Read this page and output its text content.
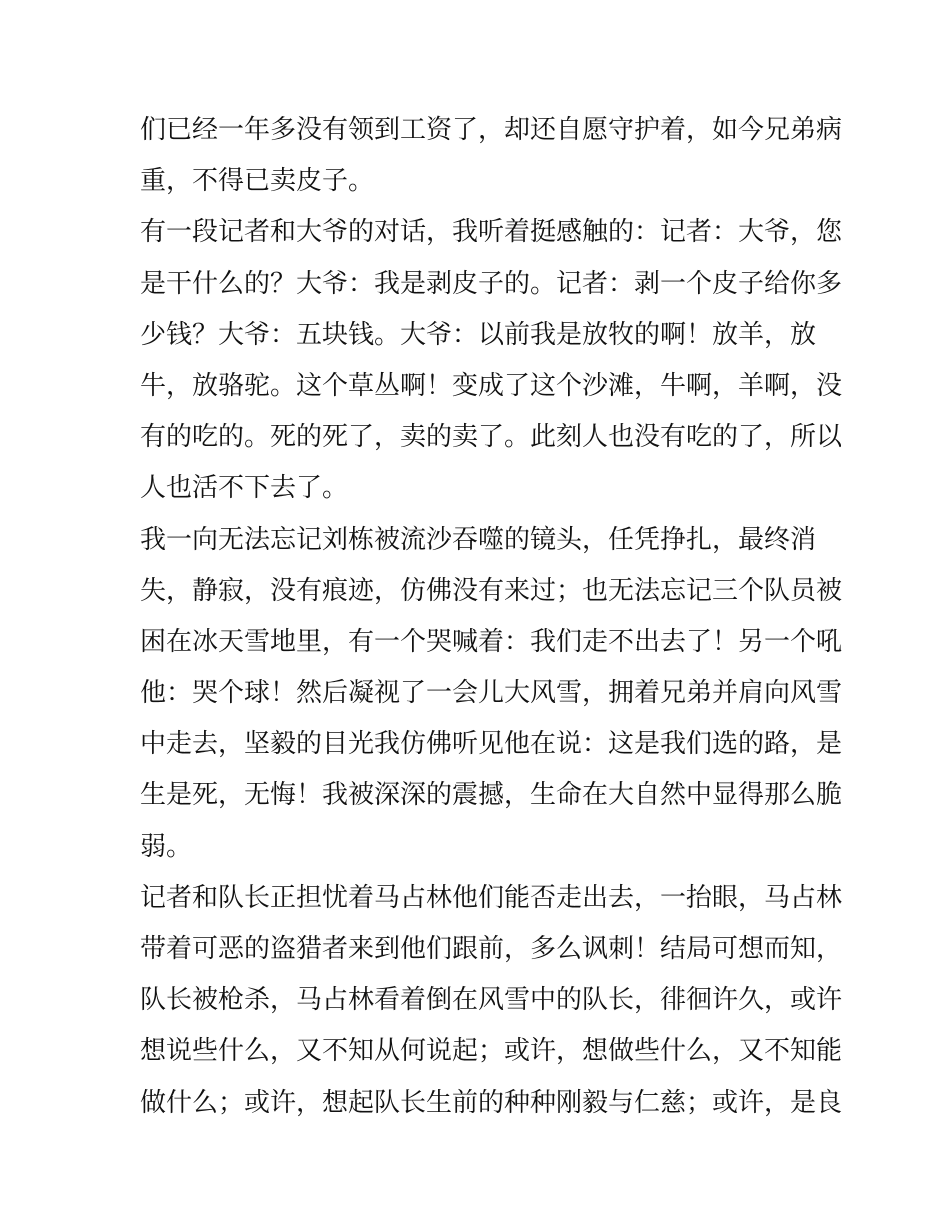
们已经一年多没有领到工资了，却还自愿守护着，如今兄弟病
重，不得已卖皮子。
有一段记者和大爷的对话，我听着挺感触的：记者：大爷，您
是干什么的？大爷：我是剥皮子的。记者：剥一个皮子给你多
少钱？大爷：五块钱。大爷：以前我是放牧的啊！放羊，放
牛，放骆驼。这个草丛啊！变成了这个沙滩，牛啊，羊啊，没
有的吃的。死的死了，卖的卖了。此刻人也没有吃的了，所以
人也活不下去了。
我一向无法忘记刘栋被流沙吞噬的镜头，任凭挣扎，最终消
失，静寂，没有痕迹，仿佛没有来过；也无法忘记三个队员被
困在冰天雪地里，有一个哭喊着：我们走不出去了！另一个吼
他：哭个球！然后凝视了一会儿大风雪，拥着兄弟并肩向风雪
中走去，坚毅的目光我仿佛听见他在说：这是我们选的路，是
生是死，无悔！我被深深的震撼，生命在大自然中显得那么脆
弱。
记者和队长正担忧着马占林他们能否走出去，一抬眼，马占林
带着可恶的盗猎者来到他们跟前，多么讽刺！结局可想而知，
队长被枪杀，马占林看着倒在风雪中的队长，徘徊许久，或许
想说些什么，又不知从何说起；或许，想做些什么，又不知能
做什么；或许，想起队长生前的种种刚毅与仁慈；或许，是良
